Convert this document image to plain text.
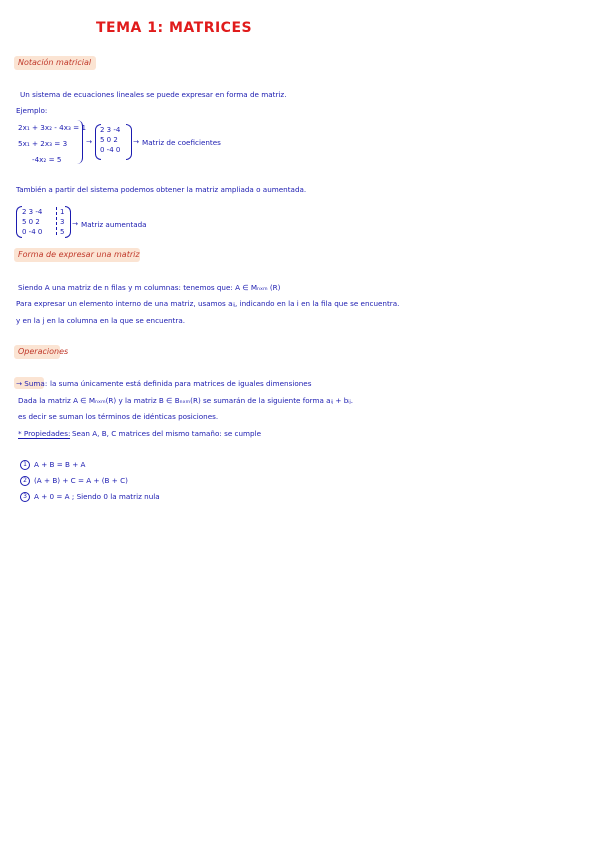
TEMA 1: MATRICES
Notación matricial
Un sistema de ecuaciones lineales se puede expresar en forma de matriz.
Ejemplo:
2x₁ + 3x₂ - 4x₃ = 1
5x₁ + 2x₃ = 3
-4x₂ = 5
→
2 3 -4
5 0 2
0 -4 0
→ Matriz de coeficientes
También a partir del sistema podemos obtener la matriz ampliada o aumentada.
2 3 -4
5 0 2
0 -4 0
1
3
5
→ Matriz aumentada
Forma de expresar una matriz
Siendo A una matriz de n filas y m columnas: tenemos que: A ∈ Mₙₓₘ (R)
Para expresar un elemento interno de una matriz, usamos aᵢⱼ, indicando en la i en la fila que se encuentra.
y en la j en la columna en la que se encuentra.
Operaciones
→ Suma: la suma únicamente está definida para matrices de iguales dimensiones
Dada la matriz A ∈ Mₙₓₘ(R) y la matriz B ∈ Bₙₓₘ(R) se sumarán de la siguiente forma aᵢⱼ + bᵢⱼ.
es decir se suman los términos de idénticas posiciones.
* Propiedades: Sean A, B, C matrices del mismo tamaño: se cumple
1 A + B = B + A
2 (A + B) + C = A + (B + C)
3 A + 0 = A ; Siendo 0 la matriz nula
